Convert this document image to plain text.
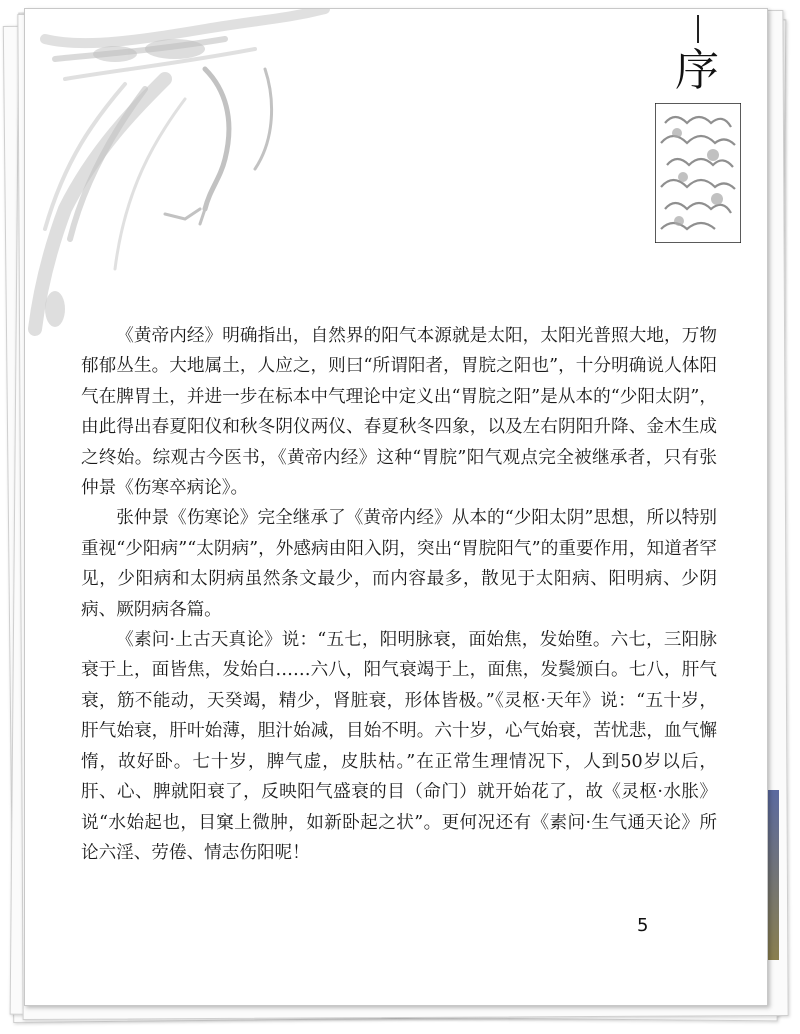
序

《黄帝内经》明确指出，自然界的阳气本源就是太阳，太阳光普照大地，万物郁郁丛生。大地属土，人应之，则曰“所谓阳者，胃脘之阳也”，十分明确说人体阳气在脾胃土，并进一步在标本中气理论中定义出“胃脘之阳”是从本的“少阳太阴”，由此得出春夏阳仪和秋冬阴仪两仪、春夏秋冬四象，以及左右阴阳升降、金木生成之终始。综观古今医书，《黄帝内经》这种“胃脘”阳气观点完全被继承者，只有张仲景《伤寒卒病论》。

张仲景《伤寒论》完全继承了《黄帝内经》从本的“少阳太阴”思想，所以特别重视“少阳病”“太阴病”，外感病由阳入阴，突出“胃脘阳气”的重要作用，知道者罕见，少阳病和太阴病虽然条文最少，而内容最多，散见于太阳病、阳明病、少阴病、厥阴病各篇。

《素问·上古天真论》说：“五七，阳明脉衰，面始焦，发始堕。六七，三阳脉衰于上，面皆焦，发始白……六八，阳气衰竭于上，面焦，发鬓颁白。七八，肝气衰，筋不能动，天癸竭，精少，肾脏衰，形体皆极。”《灵枢·天年》说：“五十岁，肝气始衰，肝叶始薄，胆汁始减，目始不明。六十岁，心气始衰，苦忧悲，血气懈惰，故好卧。七十岁，脾气虚，皮肤枯。”在正常生理情况下，人到50岁以后，肝、心、脾就阳衰了，反映阳气盛衰的目（命门）就开始花了，故《灵枢·水胀》说“水始起也，目窠上微肿，如新卧起之状”。更何况还有《素问·生气通天论》所论六淫、劳倦、情志伤阳呢！

5
